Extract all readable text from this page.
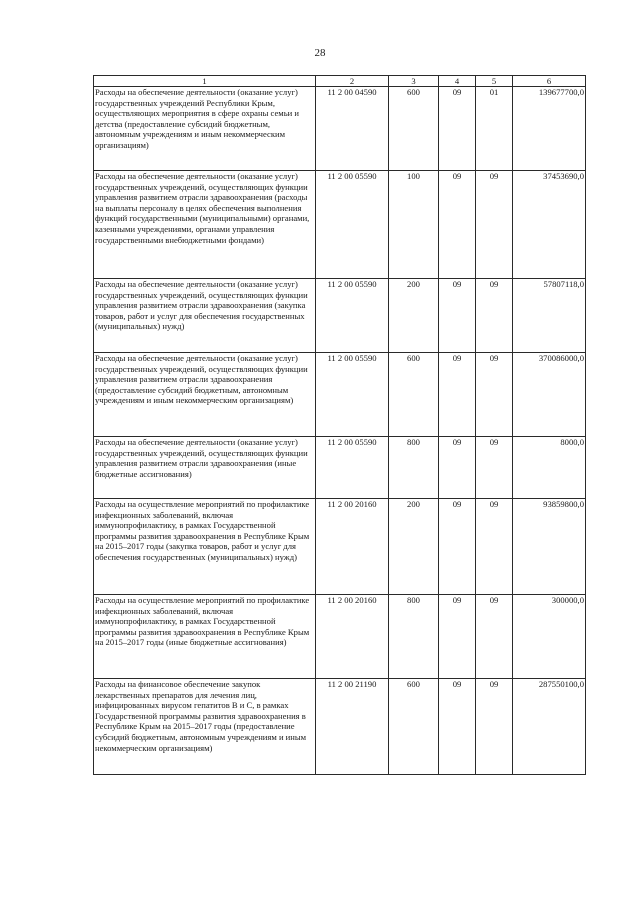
28
1	2	3	4	5	6
Расходы на обеспечение деятельности (оказание услуг) государственных учреждений Республики Крым, осуществляющих мероприятия в сфере охраны семьи и детства (предоставление субсидий бюджетным, автономным учреждениям и иным некоммерческим организациям)	11 2 00 04590	600	09	01	139677700,0
Расходы на обеспечение деятельности (оказание услуг) государственных учреждений, осуществляющих функции управления развитием отрасли здравоохранения (расходы на выплаты персоналу в целях обеспечения выполнения функций государственными (муниципальными) органами, казенными учреждениями, органами управления государственными внебюджетными фондами)	11 2 00 05590	100	09	09	37453690,0
Расходы на обеспечение деятельности (оказание услуг) государственных учреждений, осуществляющих функции управления развитием отрасли здравоохранения (закупка товаров, работ и услуг для обеспечения государственных (муниципальных) нужд)	11 2 00 05590	200	09	09	57807118,0
Расходы на обеспечение деятельности (оказание услуг) государственных учреждений, осуществляющих функции управления развитием отрасли здравоохранения (предоставление субсидий бюджетным, автономным учреждениям и иным некоммерческим организациям)	11 2 00 05590	600	09	09	370086000,0
Расходы на обеспечение деятельности (оказание услуг) государственных учреждений, осуществляющих функции управления развитием отрасли здравоохранения (иные бюджетные ассигнования)	11 2 00 05590	800	09	09	8000,0
Расходы на осуществление мероприятий по профилактике инфекционных заболеваний, включая иммунопрофилактику, в рамках Государственной программы развития здравоохранения в Республике Крым на 2015–2017 годы (закупка товаров, работ и услуг для обеспечения государственных (муниципальных) нужд)	11 2 00 20160	200	09	09	93859800,0
Расходы на осуществление мероприятий по профилактике инфекционных заболеваний, включая иммунопрофилактику, в рамках Государственной программы развития здравоохранения в Республике Крым на 2015–2017 годы (иные бюджетные ассигнования)	11 2 00 20160	800	09	09	300000,0
Расходы на финансовое обеспечение закупок лекарственных препаратов для лечения лиц, инфицированных вирусом гепатитов В и С, в рамках Государственной программы развития здравоохранения в Республике Крым на 2015–2017 годы (предоставление субсидий бюджетным, автономным учреждениям и иным некоммерческим организациям)	11 2 00 21190	600	09	09	287550100,0
